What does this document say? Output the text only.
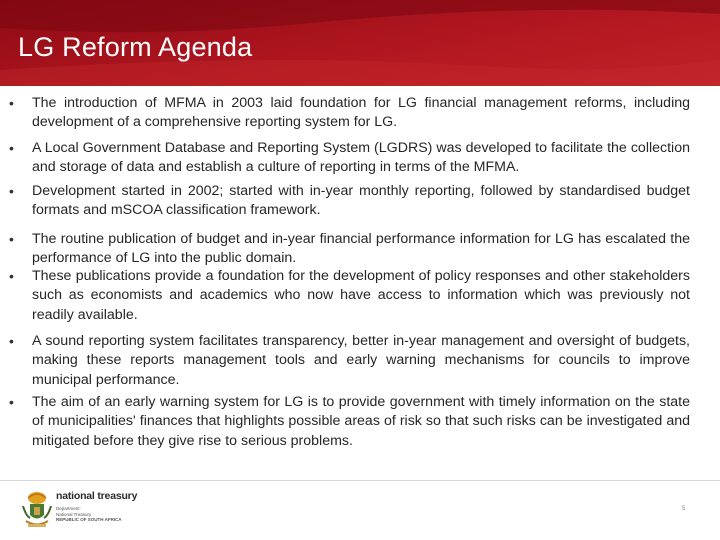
LG Reform Agenda
• The introduction of MFMA in 2003 laid foundation for LG financial management reforms, including development of a comprehensive reporting system for LG.
• A Local Government Database and Reporting System (LGDRS) was developed to facilitate the collection and storage of data and establish a culture of reporting in terms of the MFMA.
• Development started in 2002; started with in-year monthly reporting, followed by standardised budget formats and mSCOA classification framework.
• The routine publication of budget and in-year financial performance information for LG has escalated the performance of LG into the public domain.
• These publications provide a foundation for the development of policy responses and other stakeholders such as economists and academics who now have access to information which was previously not readily available.
• A sound reporting system facilitates transparency, better in-year management and oversight of budgets, making these reports management tools and early warning mechanisms for councils to improve municipal performance.
• The aim of an early warning system for LG is to provide government with timely information on the state of municipalities' finances that highlights possible areas of risk so that such risks can be investigated and mitigated before they give rise to serious problems.
national treasury
Department:
National Treasury
REPUBLIC OF SOUTH AFRICA
5
